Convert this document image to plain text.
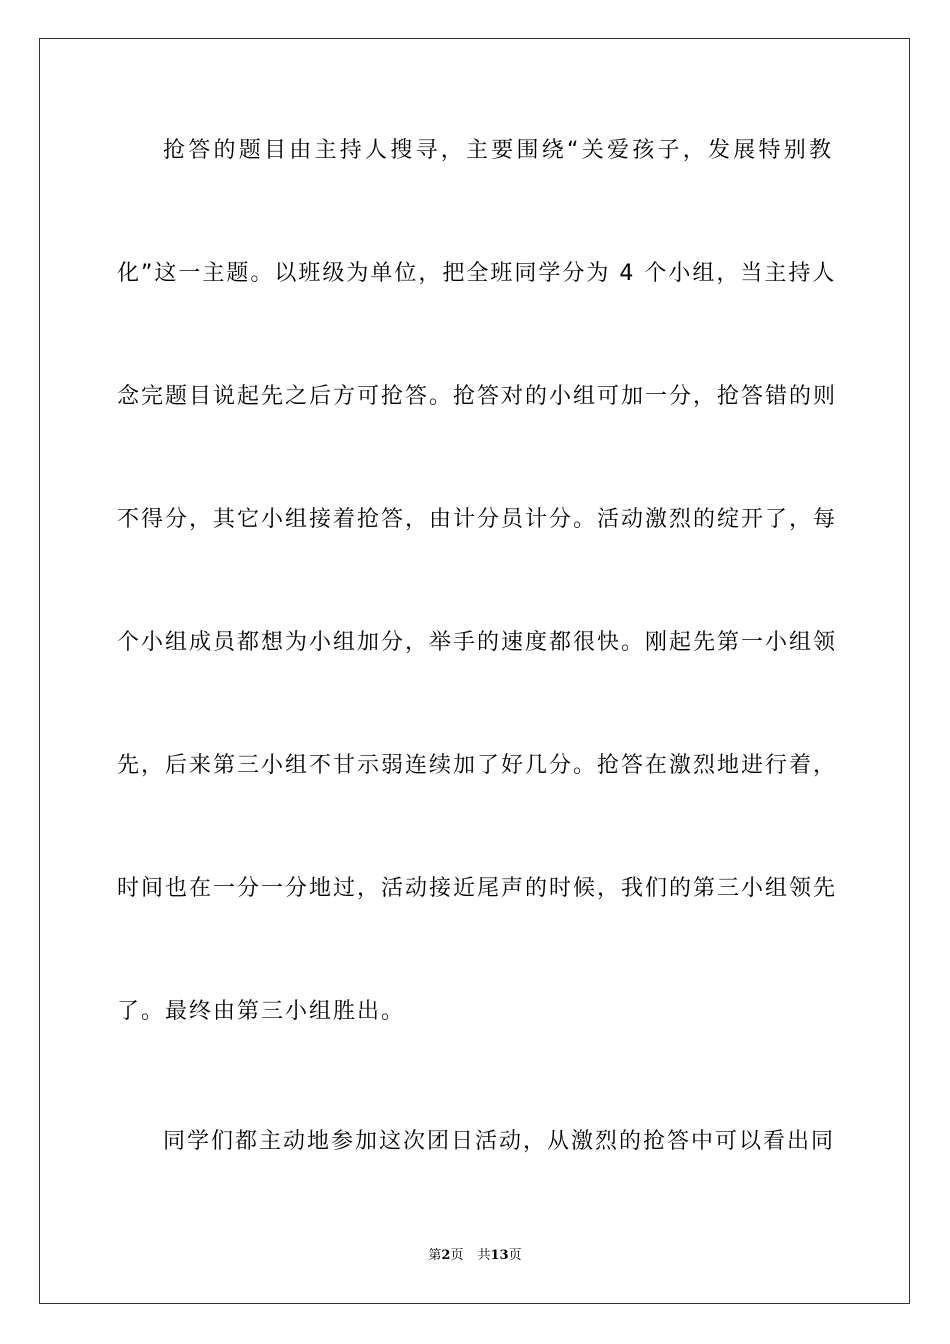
抢答的题目由主持人搜寻，主要围绕“关爱孩子，发展特别教
化”这一主题。以班级为单位，把全班同学分为 4 个小组，当主持人
念完题目说起先之后方可抢答。抢答对的小组可加一分，抢答错的则
不得分，其它小组接着抢答，由计分员计分。活动激烈的绽开了，每
个小组成员都想为小组加分，举手的速度都很快。刚起先第一小组领
先，后来第三小组不甘示弱连续加了好几分。抢答在激烈地进行着，
时间也在一分一分地过，活动接近尾声的时候，我们的第三小组领先
了。最终由第三小组胜出。
同学们都主动地参加这次团日活动，从激烈的抢答中可以看出同
第2页 共13页
